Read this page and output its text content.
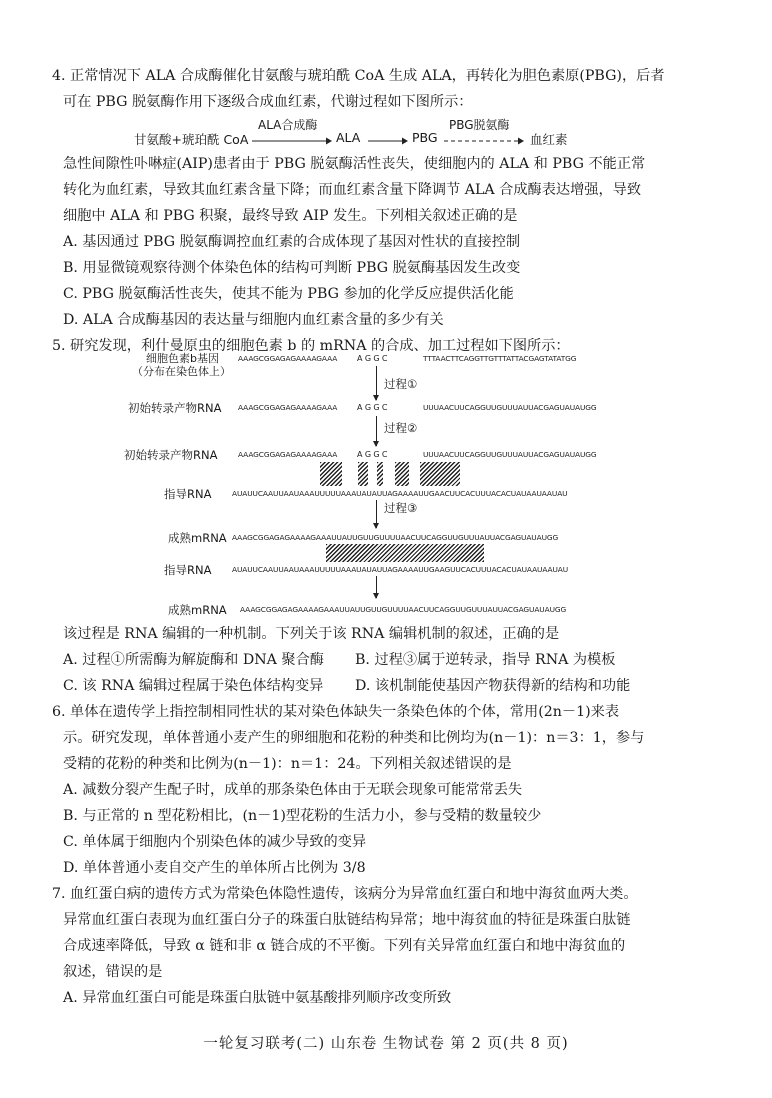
4. 正常情况下 ALA 合成酶催化甘氨酸与琥珀酰 CoA 生成 ALA，再转化为胆色素原(PBG)，后者
可在 PBG 脱氨酶作用下逐级合成血红素，代谢过程如下图所示：
甘氨酸+琥珀酰 CoA
ALA合成酶
ALA	PBG
PBG脱氨酶
血红素
急性间隙性卟啉症(AIP)患者由于 PBG 脱氨酶活性丧失，使细胞内的 ALA 和 PBG 不能正常
转化为血红素，导致其血红素含量下降；而血红素含量下降调节 ALA 合成酶表达增强，导致
细胞中 ALA 和 PBG 积聚，最终导致 AIP 发生。下列相关叙述正确的是
A. 基因通过 PBG 脱氨酶调控血红素的合成体现了基因对性状的直接控制
B. 用显微镜观察待测个体染色体的结构可判断 PBG 脱氨酶基因发生改变
C. PBG 脱氨酶活性丧失，使其不能为 PBG 参加的化学反应提供活化能
D. ALA 合成酶基因的表达量与细胞内血红素含量的多少有关
5. 研究发现，利什曼原虫的细胞色素 b 的 mRNA 的合成、加工过程如下图所示：
细胞色素b基因
（分布在染色体上）
AAAGCGGAGAGAAAAGAAA A G G C	TTTAACTTCAGGTTGTTTATTACGAGTATATGG
过程①
初始转录产物RNA AAAGCGGAGAGAAAAGAAA A G G C	UUUAACUUCAGGUUGUUUAUUACGAGUAUAUGG
过程②
初始转录产物RNA	AAAGCGGAGAGAAAAGAAA A G G C	UUUAACUUCAGGUUGUUUAUUACGAGUAUAUGG
指导RNA	AUAUUCAAUUAAUAAAUUUUUAAAUAUAUUAGAAAAUUGAACUUCACUUUACACUAUAAUAAUAU
过程③
成熟mRNA AAAGCGGAGAGAAAAGAAAUUAUUGUUGUUUUAACUUCAGGUUGUUUAUUACGAGUAUAUGG
指导RNA	AUAUUCAAUUAAUAAAUUUUUAAAUAUAUUAGAAAAUUGAAGUUCACUUUACACUAUAAUAAUAU
成熟mRNA AAAGCGGAGAGAAAAGAAAUUAUUGUUGUUUUAACUUCAGGUUGUUUAUUACGAGUAUAUGG
该过程是 RNA 编辑的一种机制。下列关于该 RNA 编辑机制的叙述，正确的是
A. 过程①所需酶为解旋酶和 DNA 聚合酶 B. 过程③属于逆转录，指导 RNA 为模板
C. 该 RNA 编辑过程属于染色体结构变异 D. 该机制能使基因产物获得新的结构和功能
6. 单体在遗传学上指控制相同性状的某对染色体缺失一条染色体的个体，常用(2n－1)来表
示。研究发现，单体普通小麦产生的卵细胞和花粉的种类和比例均为(n－1)：n＝3：1，参与
受精的花粉的种类和比例为(n－1)：n＝1：24。下列相关叙述错误的是
A. 减数分裂产生配子时，成单的那条染色体由于无联会现象可能常常丢失
B. 与正常的 n 型花粉相比，(n－1)型花粉的生活力小，参与受精的数量较少
C. 单体属于细胞内个别染色体的减少导致的变异
D. 单体普通小麦自交产生的单体所占比例为 3/8
7. 血红蛋白病的遗传方式为常染色体隐性遗传，该病分为异常血红蛋白和地中海贫血两大类。
异常血红蛋白表现为血红蛋白分子的珠蛋白肽链结构异常；地中海贫血的特征是珠蛋白肽链
合成速率降低，导致 α 链和非 α 链合成的不平衡。下列有关异常血红蛋白和地中海贫血的
叙述，错误的是
A. 异常血红蛋白可能是珠蛋白肽链中氨基酸排列顺序改变所致
一轮复习联考(二) 山东卷 生物试卷 第 2 页(共 8 页)
